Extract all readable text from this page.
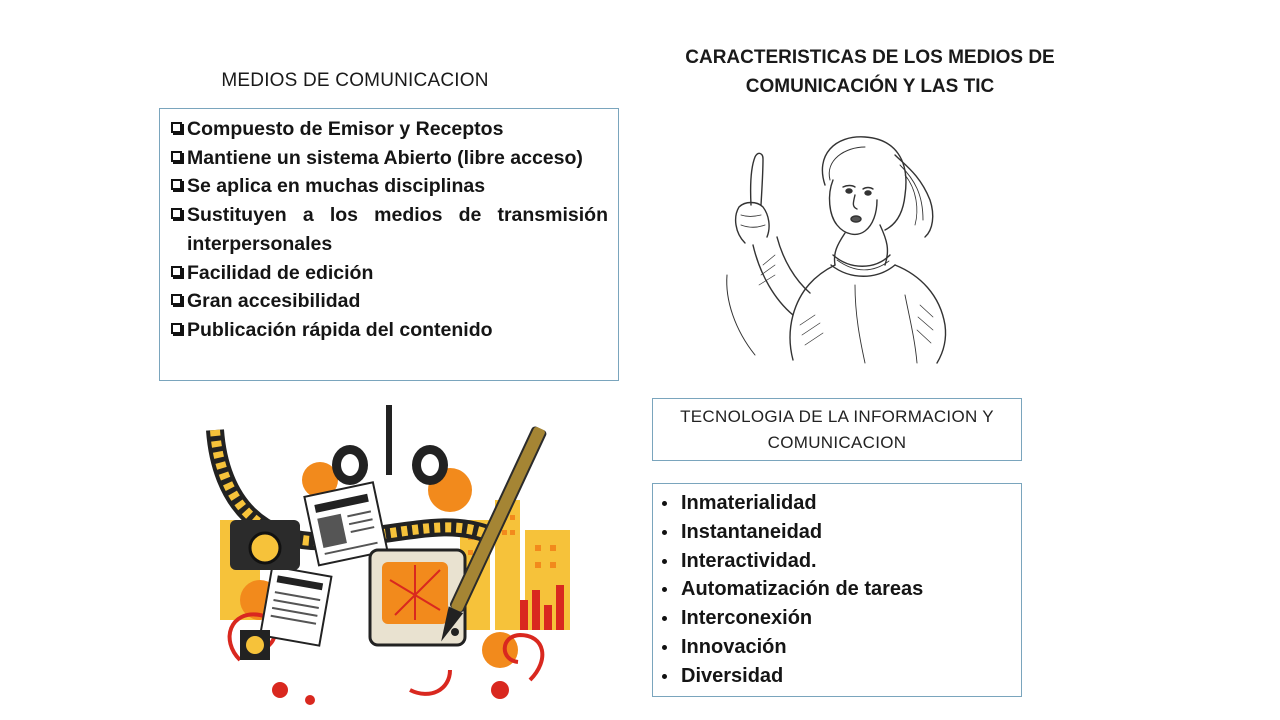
MEDIOS DE COMUNICACION
CARACTERISTICAS DE LOS MEDIOS DE COMUNICACIÓN Y LAS TIC
Compuesto de Emisor y Receptos
Mantiene un sistema Abierto (libre acceso)
Se aplica en muchas disciplinas
Sustituyen a los medios de transmisión interpersonales
Facilidad de edición
Gran accesibilidad
Publicación rápida del contenido
TECNOLOGIA DE LA INFORMACION Y COMUNICACION
Inmaterialidad
Instantaneidad
Interactividad.
Automatización de tareas
Interconexión
Innovación
Diversidad
